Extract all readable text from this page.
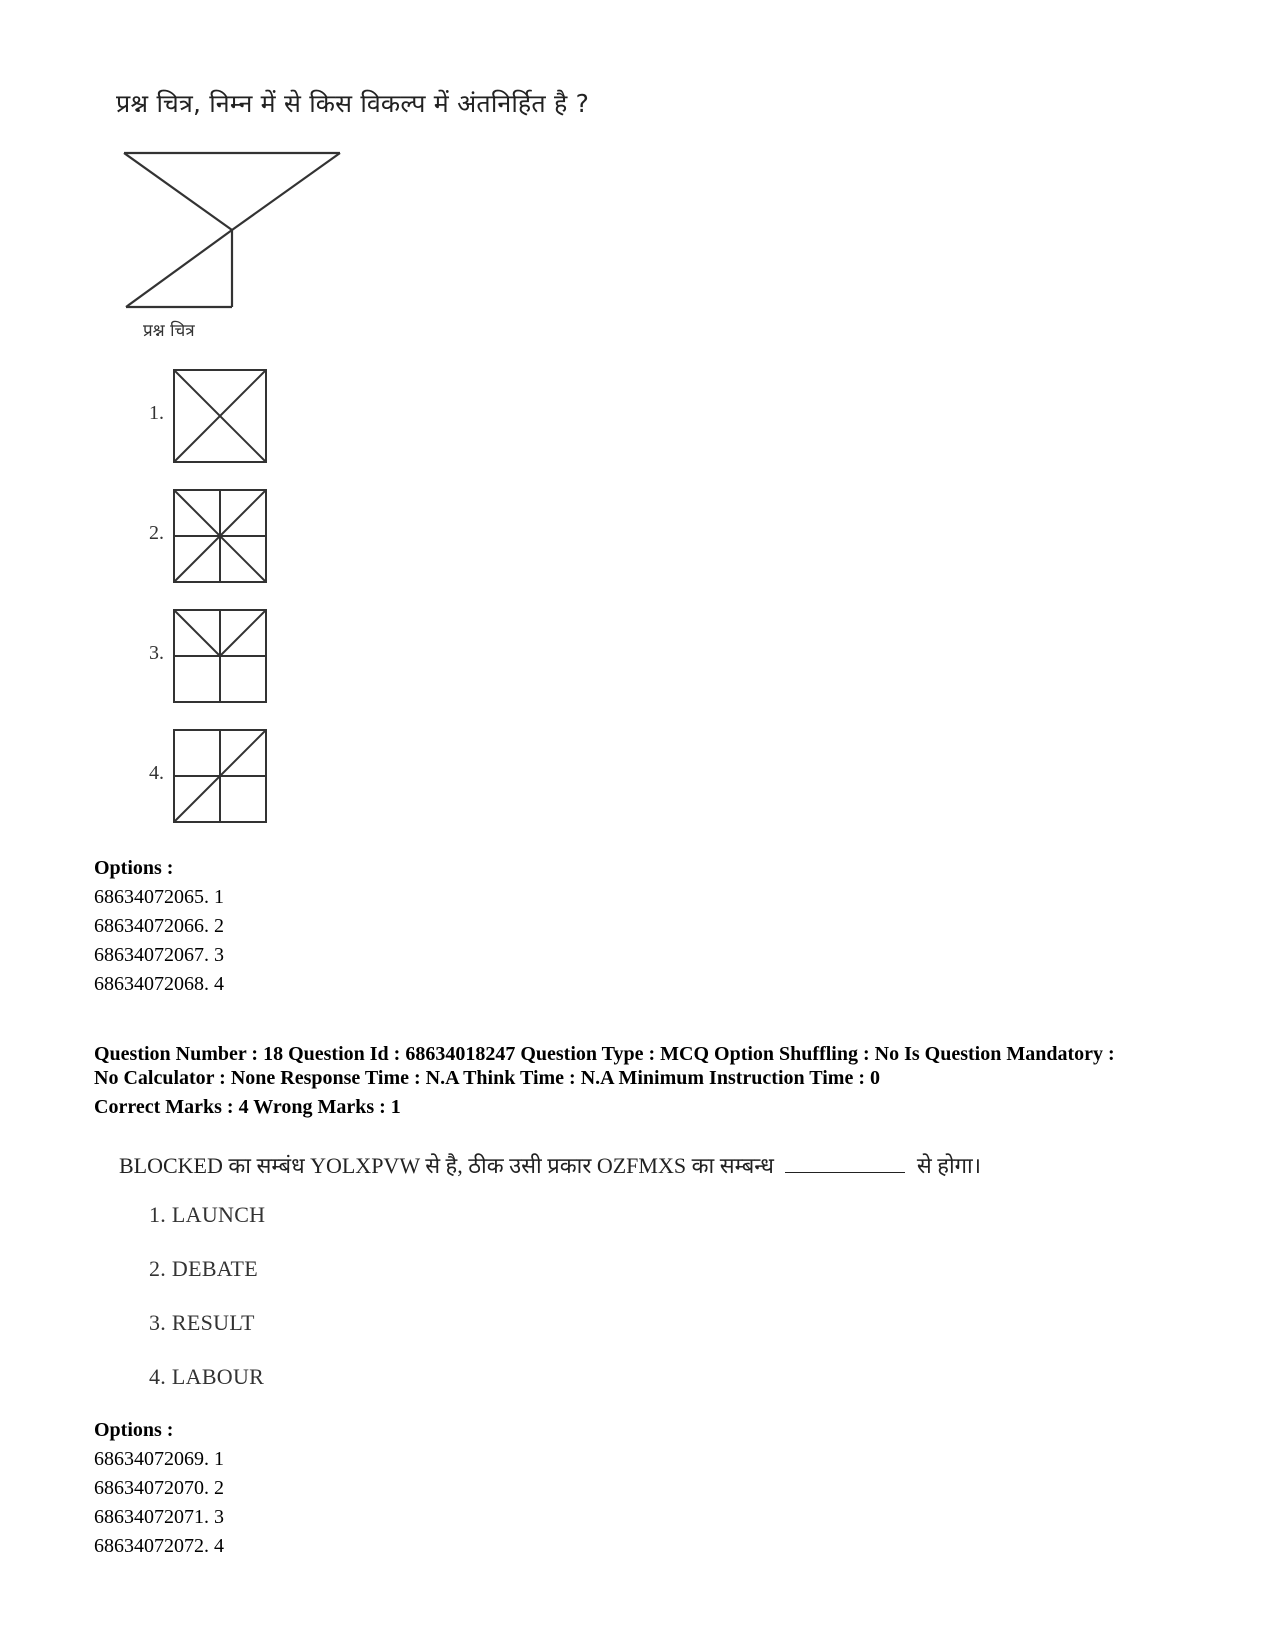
प्रश्न चित्र, निम्न में से किस विकल्प में अंतनिर्हित है ?
प्रश्न चित्र
1.
2.
3.
4.
Options :
68634072065. 1
68634072066. 2
68634072067. 3
68634072068. 4
Question Number : 18 Question Id : 68634018247 Question Type : MCQ Option Shuffling : No Is Question Mandatory :
No Calculator : None Response Time : N.A Think Time : N.A Minimum Instruction Time : 0
Correct Marks : 4 Wrong Marks : 1
BLOCKED का सम्बंध YOLXPVW से है, ठीक उसी प्रकार OZFMXS का सम्बन्ध	से होगा।
1. LAUNCH
2. DEBATE
3. RESULT
4. LABOUR
Options :
68634072069. 1
68634072070. 2
68634072071. 3
68634072072. 4
